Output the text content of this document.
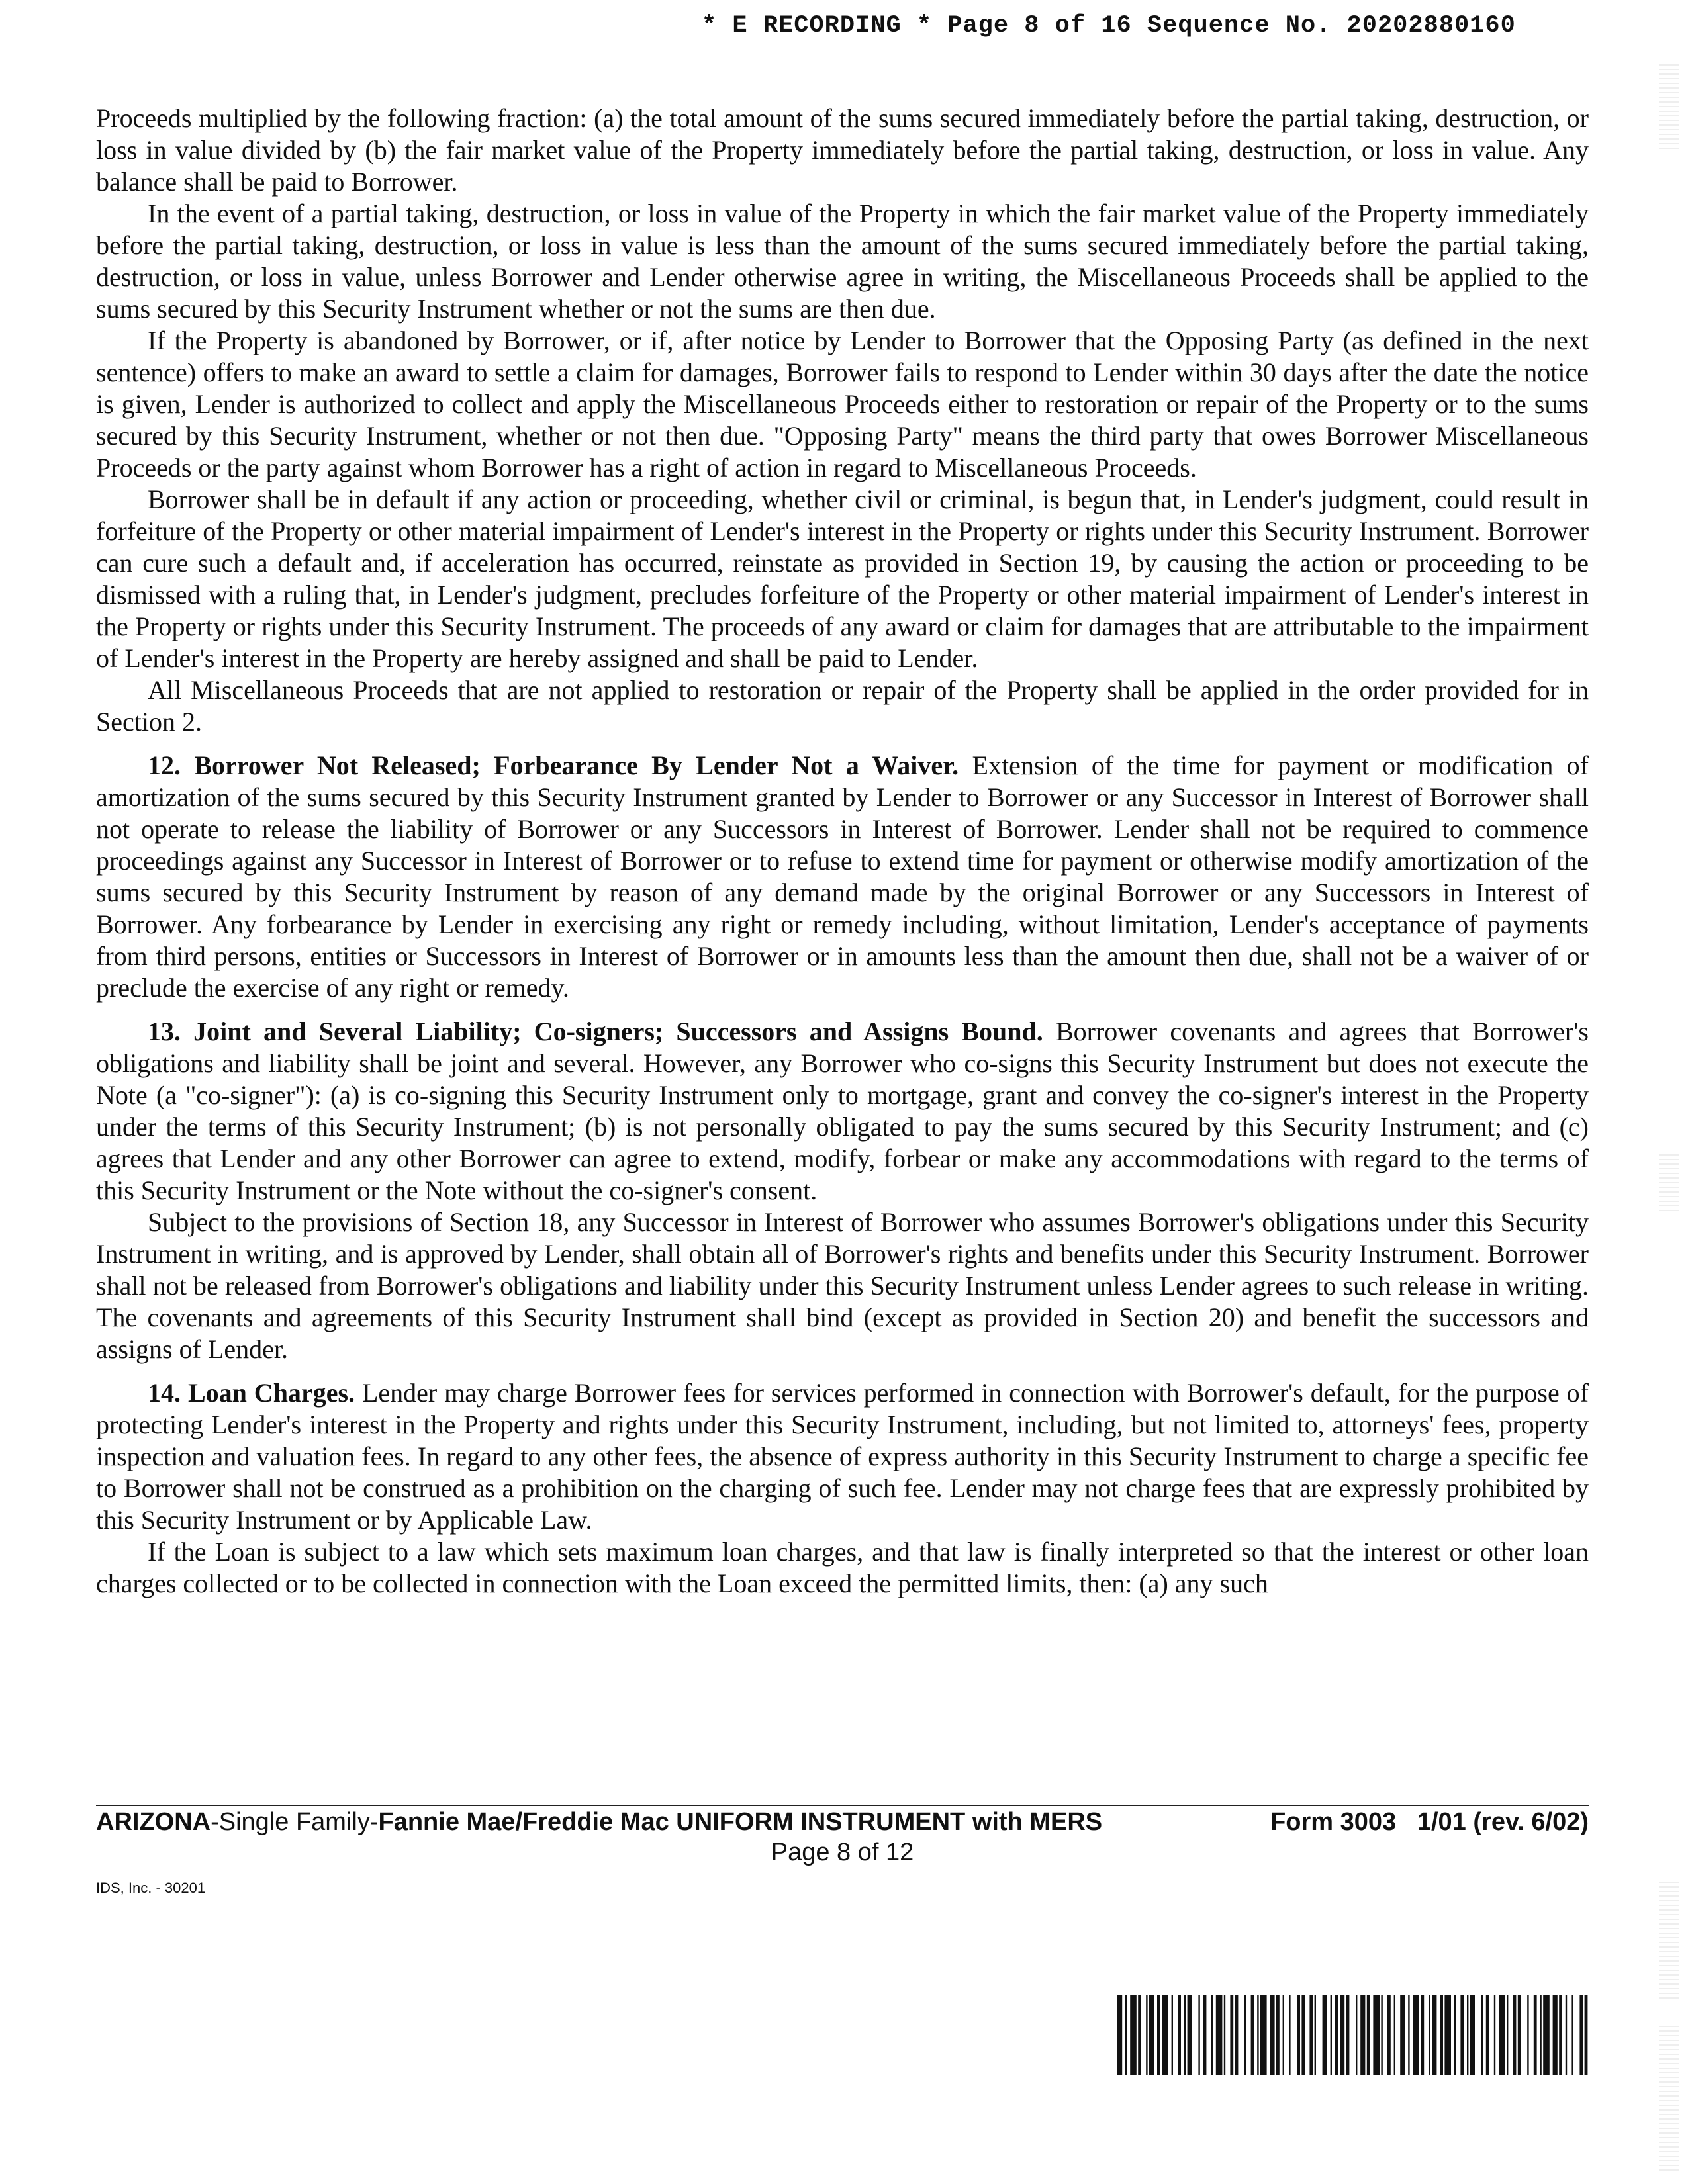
* E RECORDING * Page 8 of 16 Sequence No. 20202880160

Proceeds multiplied by the following fraction: (a) the total amount of the sums secured immediately before the partial taking, destruction, or loss in value divided by (b) the fair market value of the Property immediately before the partial taking, destruction, or loss in value. Any balance shall be paid to Borrower.

In the event of a partial taking, destruction, or loss in value of the Property in which the fair market value of the Property immediately before the partial taking, destruction, or loss in value is less than the amount of the sums secured immediately before the partial taking, destruction, or loss in value, unless Borrower and Lender otherwise agree in writing, the Miscellaneous Proceeds shall be applied to the sums secured by this Security Instrument whether or not the sums are then due.

If the Property is abandoned by Borrower, or if, after notice by Lender to Borrower that the Opposing Party (as defined in the next sentence) offers to make an award to settle a claim for damages, Borrower fails to respond to Lender within 30 days after the date the notice is given, Lender is authorized to collect and apply the Miscellaneous Proceeds either to restoration or repair of the Property or to the sums secured by this Security Instrument, whether or not then due. "Opposing Party" means the third party that owes Borrower Miscellaneous Proceeds or the party against whom Borrower has a right of action in regard to Miscellaneous Proceeds.

Borrower shall be in default if any action or proceeding, whether civil or criminal, is begun that, in Lender's judgment, could result in forfeiture of the Property or other material impairment of Lender's interest in the Property or rights under this Security Instrument. Borrower can cure such a default and, if acceleration has occurred, reinstate as provided in Section 19, by causing the action or proceeding to be dismissed with a ruling that, in Lender's judgment, precludes forfeiture of the Property or other material impairment of Lender's interest in the Property or rights under this Security Instrument. The proceeds of any award or claim for damages that are attributable to the impairment of Lender's interest in the Property are hereby assigned and shall be paid to Lender.

All Miscellaneous Proceeds that are not applied to restoration or repair of the Property shall be applied in the order provided for in Section 2.

12. Borrower Not Released; Forbearance By Lender Not a Waiver. Extension of the time for payment or modification of amortization of the sums secured by this Security Instrument granted by Lender to Borrower or any Successor in Interest of Borrower shall not operate to release the liability of Borrower or any Successors in Interest of Borrower. Lender shall not be required to commence proceedings against any Successor in Interest of Borrower or to refuse to extend time for payment or otherwise modify amortization of the sums secured by this Security Instrument by reason of any demand made by the original Borrower or any Successors in Interest of Borrower. Any forbearance by Lender in exercising any right or remedy including, without limitation, Lender's acceptance of payments from third persons, entities or Successors in Interest of Borrower or in amounts less than the amount then due, shall not be a waiver of or preclude the exercise of any right or remedy.

13. Joint and Several Liability; Co-signers; Successors and Assigns Bound. Borrower covenants and agrees that Borrower's obligations and liability shall be joint and several. However, any Borrower who co-signs this Security Instrument but does not execute the Note (a "co-signer"): (a) is co-signing this Security Instrument only to mortgage, grant and convey the co-signer's interest in the Property under the terms of this Security Instrument; (b) is not personally obligated to pay the sums secured by this Security Instrument; and (c) agrees that Lender and any other Borrower can agree to extend, modify, forbear or make any accommodations with regard to the terms of this Security Instrument or the Note without the co-signer's consent.

Subject to the provisions of Section 18, any Successor in Interest of Borrower who assumes Borrower's obligations under this Security Instrument in writing, and is approved by Lender, shall obtain all of Borrower's rights and benefits under this Security Instrument. Borrower shall not be released from Borrower's obligations and liability under this Security Instrument unless Lender agrees to such release in writing. The covenants and agreements of this Security Instrument shall bind (except as provided in Section 20) and benefit the successors and assigns of Lender.

14. Loan Charges. Lender may charge Borrower fees for services performed in connection with Borrower's default, for the purpose of protecting Lender's interest in the Property and rights under this Security Instrument, including, but not limited to, attorneys' fees, property inspection and valuation fees. In regard to any other fees, the absence of express authority in this Security Instrument to charge a specific fee to Borrower shall not be construed as a prohibition on the charging of such fee. Lender may not charge fees that are expressly prohibited by this Security Instrument or by Applicable Law.

If the Loan is subject to a law which sets maximum loan charges, and that law is finally interpreted so that the interest or other loan charges collected or to be collected in connection with the Loan exceed the permitted limits, then: (a) any such

ARIZONA-Single Family-Fannie Mae/Freddie Mac UNIFORM INSTRUMENT with MERS	Form 3003   1/01 (rev. 6/02)
Page 8 of 12
IDS, Inc. - 30201
